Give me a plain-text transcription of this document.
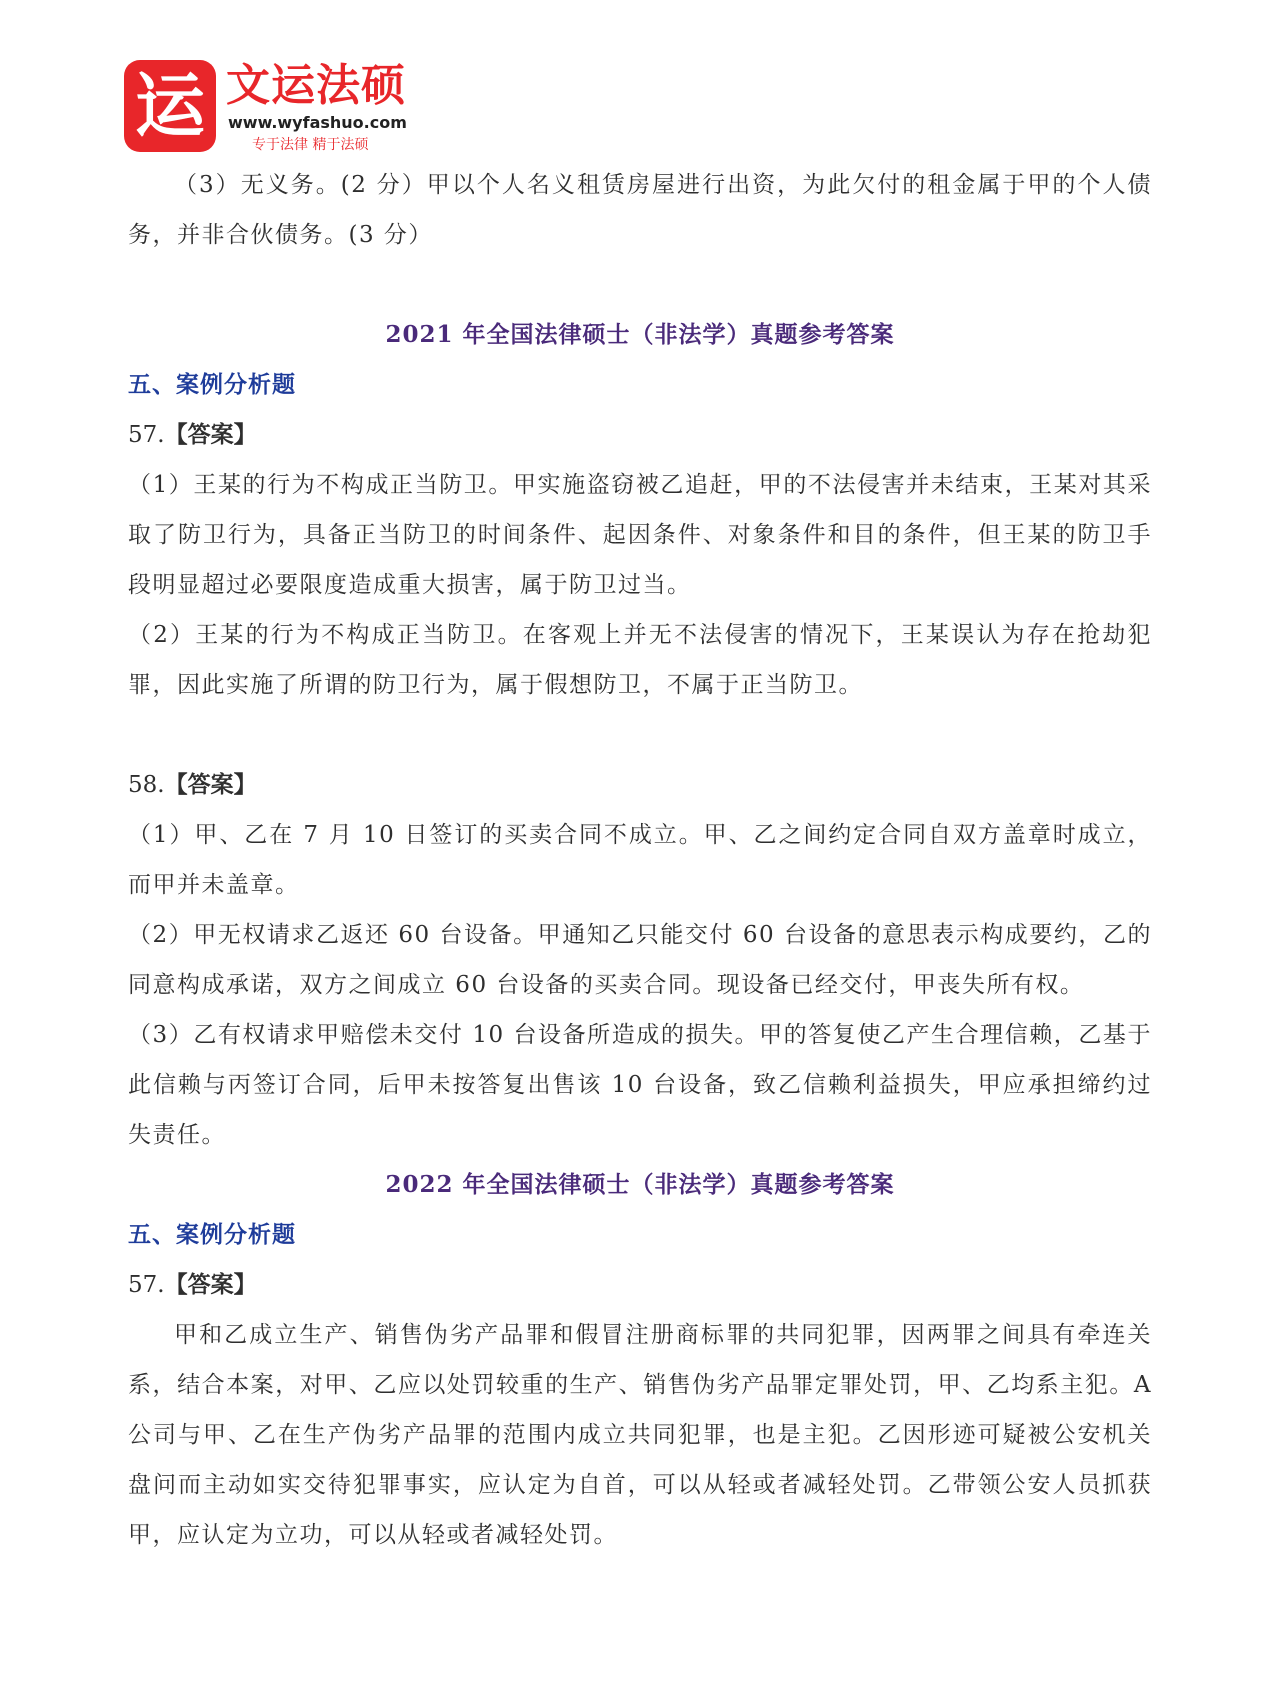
运 文运法硕
www.wyfashuo.com
专于法律 精于法硕

（3）无义务。(2 分）甲以个人名义租赁房屋进行出资，为此欠付的租金属于甲的个人债务，并非合伙债务。(3 分）

2021 年全国法律硕士（非法学）真题参考答案

五、案例分析题

57.【答案】

（1）王某的行为不构成正当防卫。甲实施盗窃被乙追赶，甲的不法侵害并未结束，王某对其采取了防卫行为，具备正当防卫的时间条件、起因条件、对象条件和目的条件，但王某的防卫手段明显超过必要限度造成重大损害，属于防卫过当。

（2）王某的行为不构成正当防卫。在客观上并无不法侵害的情况下，王某误认为存在抢劫犯罪，因此实施了所谓的防卫行为，属于假想防卫，不属于正当防卫。

58.【答案】

（1）甲、乙在 7 月 10 日签订的买卖合同不成立。甲、乙之间约定合同自双方盖章时成立，而甲并未盖章。

（2）甲无权请求乙返还 60 台设备。甲通知乙只能交付 60 台设备的意思表示构成要约，乙的同意构成承诺，双方之间成立 60 台设备的买卖合同。现设备已经交付，甲丧失所有权。

（3）乙有权请求甲赔偿未交付 10 台设备所造成的损失。甲的答复使乙产生合理信赖，乙基于此信赖与丙签订合同，后甲未按答复出售该 10 台设备，致乙信赖利益损失，甲应承担缔约过失责任。

2022 年全国法律硕士（非法学）真题参考答案

五、案例分析题

57.【答案】

甲和乙成立生产、销售伪劣产品罪和假冒注册商标罪的共同犯罪，因两罪之间具有牵连关系，结合本案，对甲、乙应以处罚较重的生产、销售伪劣产品罪定罪处罚，甲、乙均系主犯。A 公司与甲、乙在生产伪劣产品罪的范围内成立共同犯罪，也是主犯。乙因形迹可疑被公安机关盘问而主动如实交待犯罪事实，应认定为自首，可以从轻或者减轻处罚。乙带领公安人员抓获甲，应认定为立功，可以从轻或者减轻处罚。
